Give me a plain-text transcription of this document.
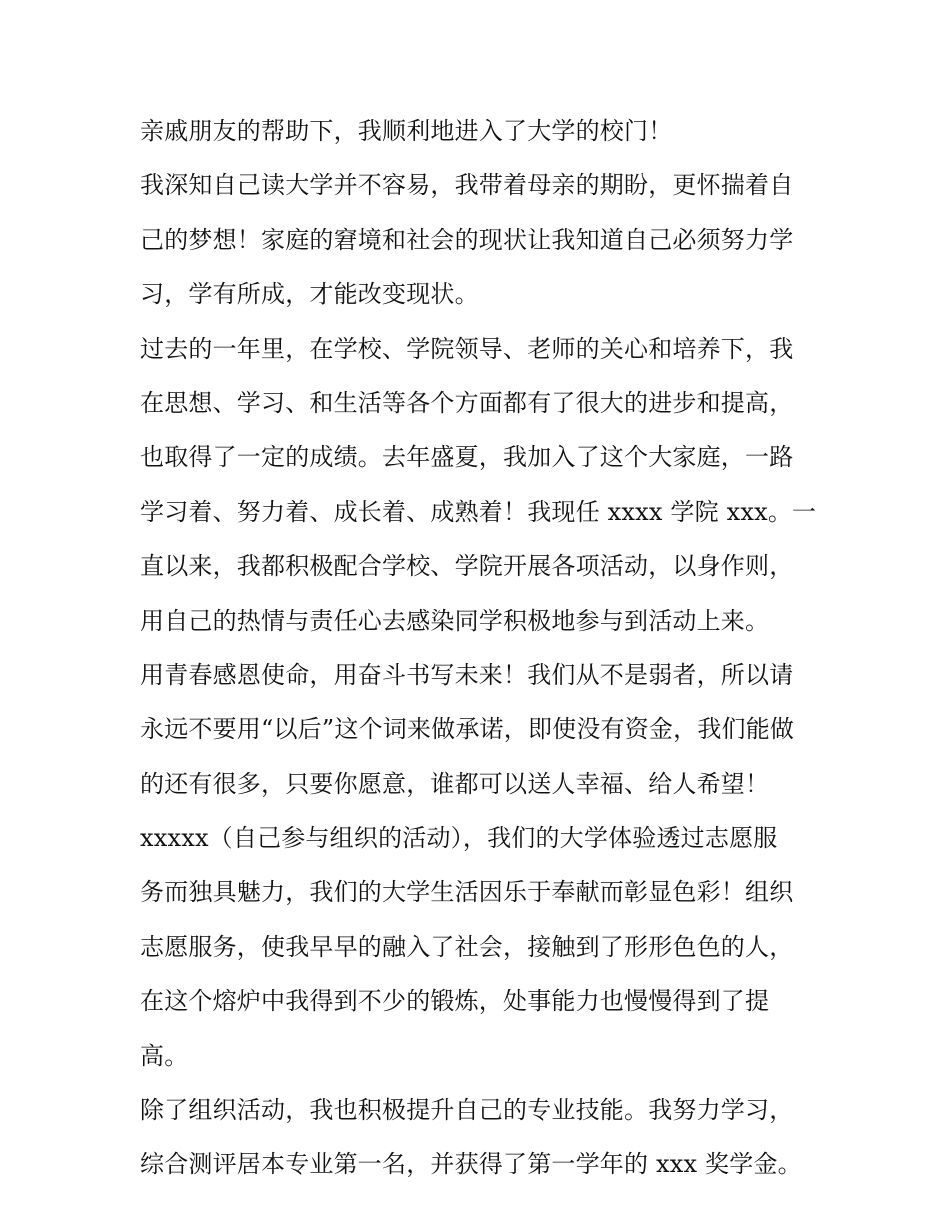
亲戚朋友的帮助下，我顺利地进入了大学的校门！
我深知自己读大学并不容易，我带着母亲的期盼，更怀揣着自
己的梦想！家庭的窘境和社会的现状让我知道自己必须努力学
习，学有所成，才能改变现状。
过去的一年里，在学校、学院领导、老师的关心和培养下，我
在思想、学习、和生活等各个方面都有了很大的进步和提高，
也取得了一定的成绩。去年盛夏，我加入了这个大家庭，一路
学习着、努力着、成长着、成熟着！我现任 xxxx 学院 xxx。一
直以来，我都积极配合学校、学院开展各项活动，以身作则，
用自己的热情与责任心去感染同学积极地参与到活动上来。
用青春感恩使命，用奋斗书写未来！我们从不是弱者，所以请
永远不要用“以后”这个词来做承诺，即使没有资金，我们能做
的还有很多，只要你愿意，谁都可以送人幸福、给人希望！
xxxxx（自己参与组织的活动），我们的大学体验透过志愿服
务而独具魅力，我们的大学生活因乐于奉献而彰显色彩！组织
志愿服务，使我早早的融入了社会，接触到了形形色色的人，
在这个熔炉中我得到不少的锻炼，处事能力也慢慢得到了提
高。
除了组织活动，我也积极提升自己的专业技能。我努力学习，
综合测评居本专业第一名，并获得了第一学年的 xxx 奖学金。
